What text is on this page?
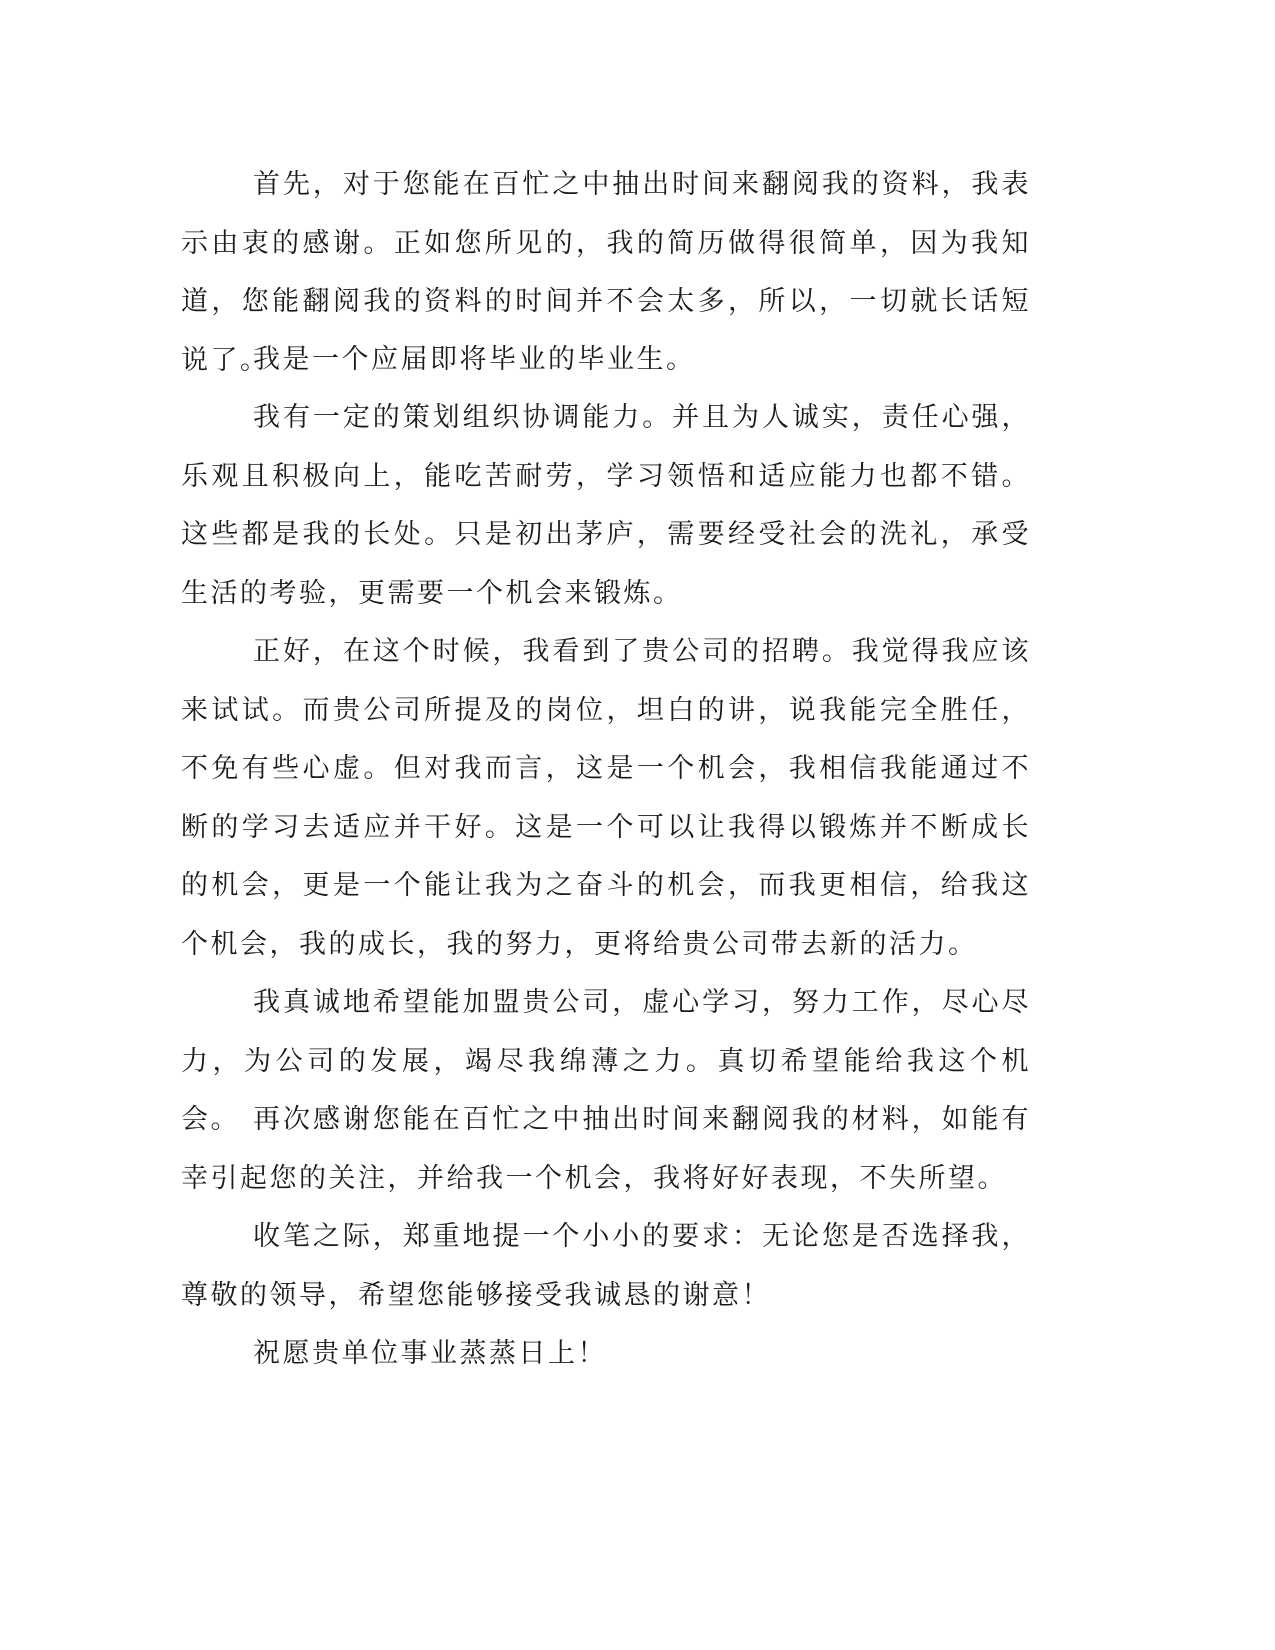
首先，对于您能在百忙之中抽出时间来翻阅我的资料，我表示由衷的感谢。正如您所见的，我的简历做得很简单，因为我知道，您能翻阅我的资料的时间并不会太多，所以，一切就长话短说了。

我是一个应届即将毕业的毕业生。

我有一定的策划组织协调能力。并且为人诚实，责任心强，乐观且积极向上，能吃苦耐劳，学习领悟和适应能力也都不错。这些都是我的长处。只是初出茅庐，需要经受社会的洗礼，承受生活的考验，更需要一个机会来锻炼。

正好，在这个时候，我看到了贵公司的招聘。我觉得我应该来试试。而贵公司所提及的岗位，坦白的讲，说我能完全胜任，不免有些心虚。但对我而言，这是一个机会，我相信我能通过不断的学习去适应并干好。这是一个可以让我得以锻炼并不断成长的机会，更是一个能让我为之奋斗的机会，而我更相信，给我这个机会，我的成长，我的努力，更将给贵公司带去新的活力。

我真诚地希望能加盟贵公司，虚心学习，努力工作，尽心尽力，为公司的发展，竭尽我绵薄之力。真切希望能给我这个机会。 再次感谢您能在百忙之中抽出时间来翻阅我的材料，如能有幸引起您的关注，并给我一个机会，我将好好表现，不失所望。

收笔之际，郑重地提一个小小的要求：无论您是否选择我，尊敬的领导，希望您能够接受我诚恳的谢意！

祝愿贵单位事业蒸蒸日上！
